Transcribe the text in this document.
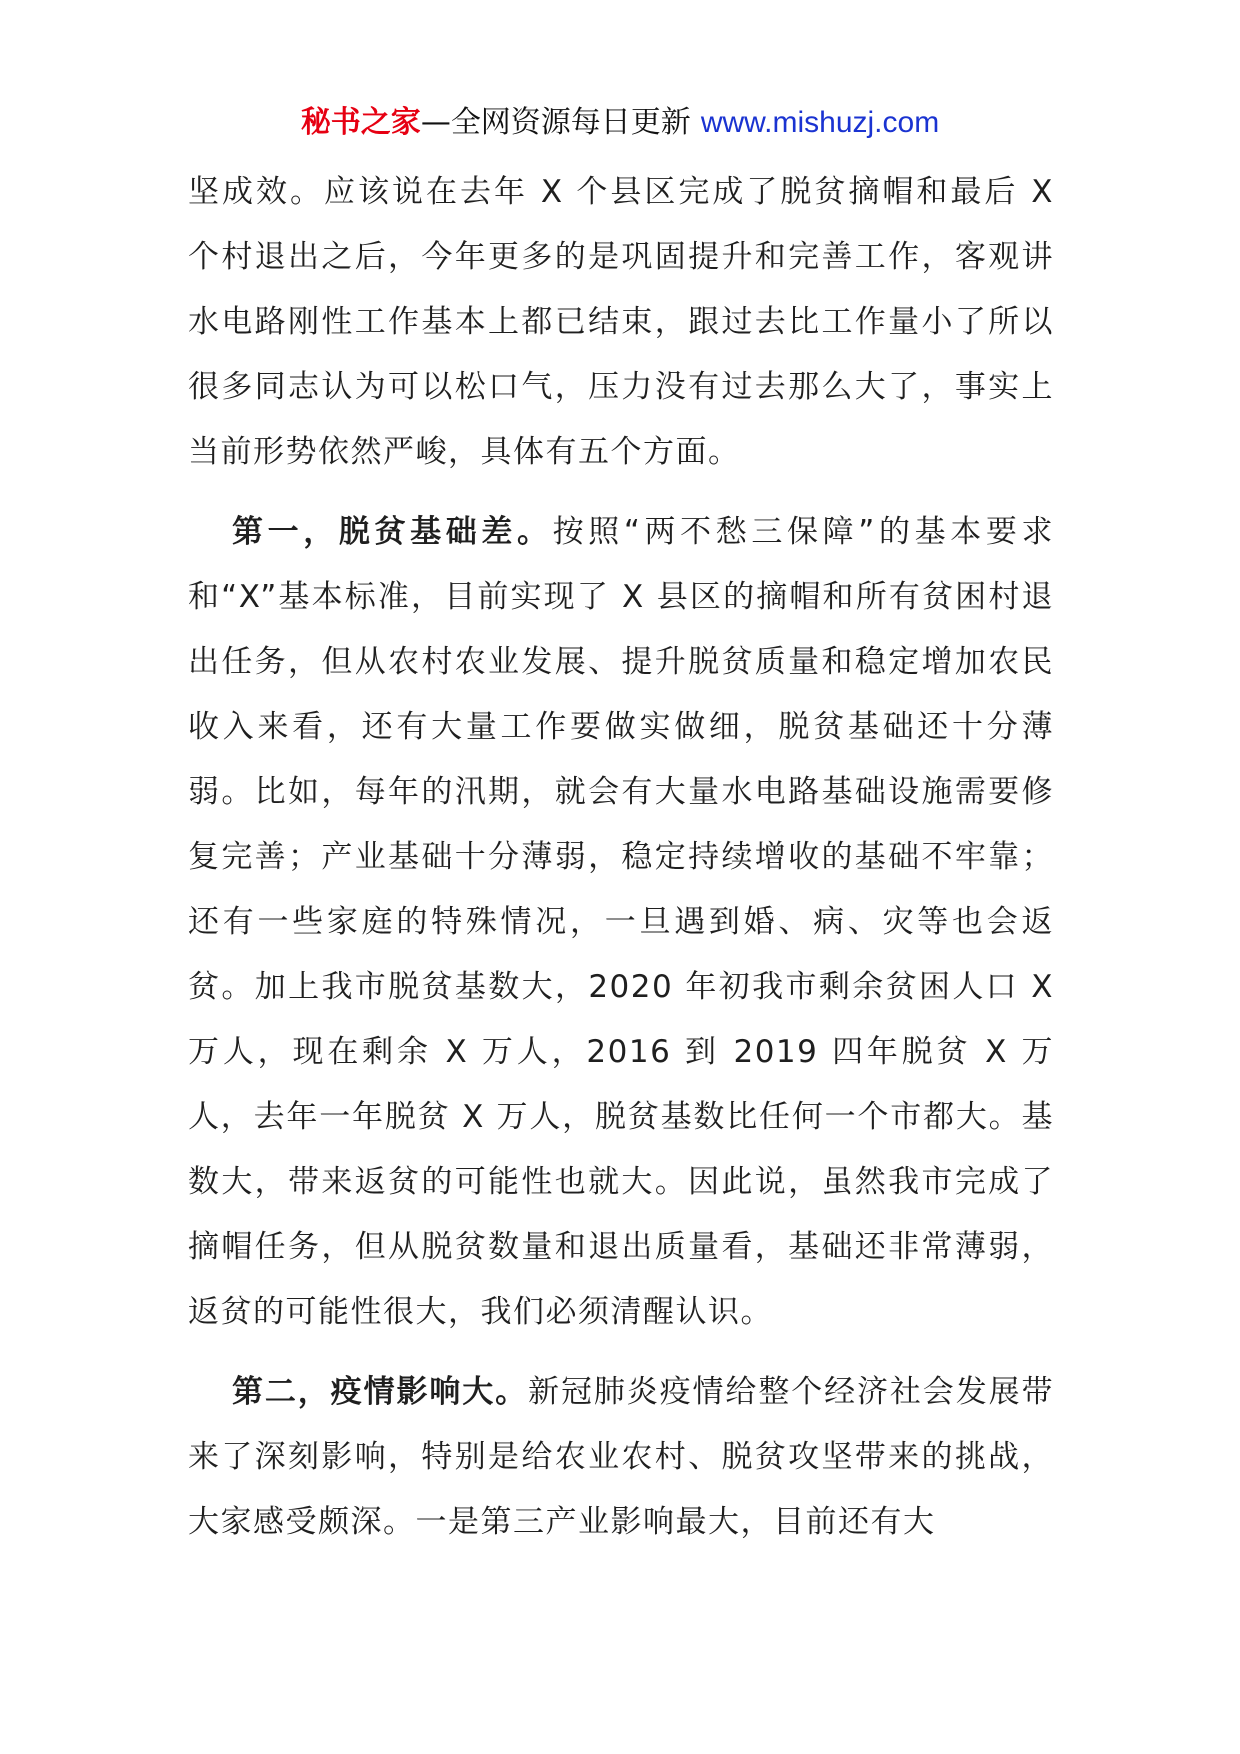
秘书之家—全网资源每日更新 www.mishuzj.com

坚成效。应该说在去年 X 个县区完成了脱贫摘帽和最后 X 个村退出之后，今年更多的是巩固提升和完善工作，客观讲水电路刚性工作基本上都已结束，跟过去比工作量小了所以很多同志认为可以松口气，压力没有过去那么大了，事实上当前形势依然严峻，具体有五个方面。

第一，脱贫基础差。按照“两不愁三保障”的基本要求和“X”基本标准，目前实现了 X 县区的摘帽和所有贫困村退出任务，但从农村农业发展、提升脱贫质量和稳定增加农民收入来看，还有大量工作要做实做细，脱贫基础还十分薄弱。比如，每年的汛期，就会有大量水电路基础设施需要修复完善；产业基础十分薄弱，稳定持续增收的基础不牢靠；还有一些家庭的特殊情况，一旦遇到婚、病、灾等也会返贫。加上我市脱贫基数大，2020 年初我市剩余贫困人口 X 万人，现在剩余 X 万人，2016 到 2019 四年脱贫 X 万人，去年一年脱贫 X 万人，脱贫基数比任何一个市都大。基数大，带来返贫的可能性也就大。因此说，虽然我市完成了摘帽任务，但从脱贫数量和退出质量看，基础还非常薄弱，返贫的可能性很大，我们必须清醒认识。

第二，疫情影响大。新冠肺炎疫情给整个经济社会发展带来了深刻影响，特别是给农业农村、脱贫攻坚带来的挑战，大家感受颇深。一是第三产业影响最大，目前还有大
